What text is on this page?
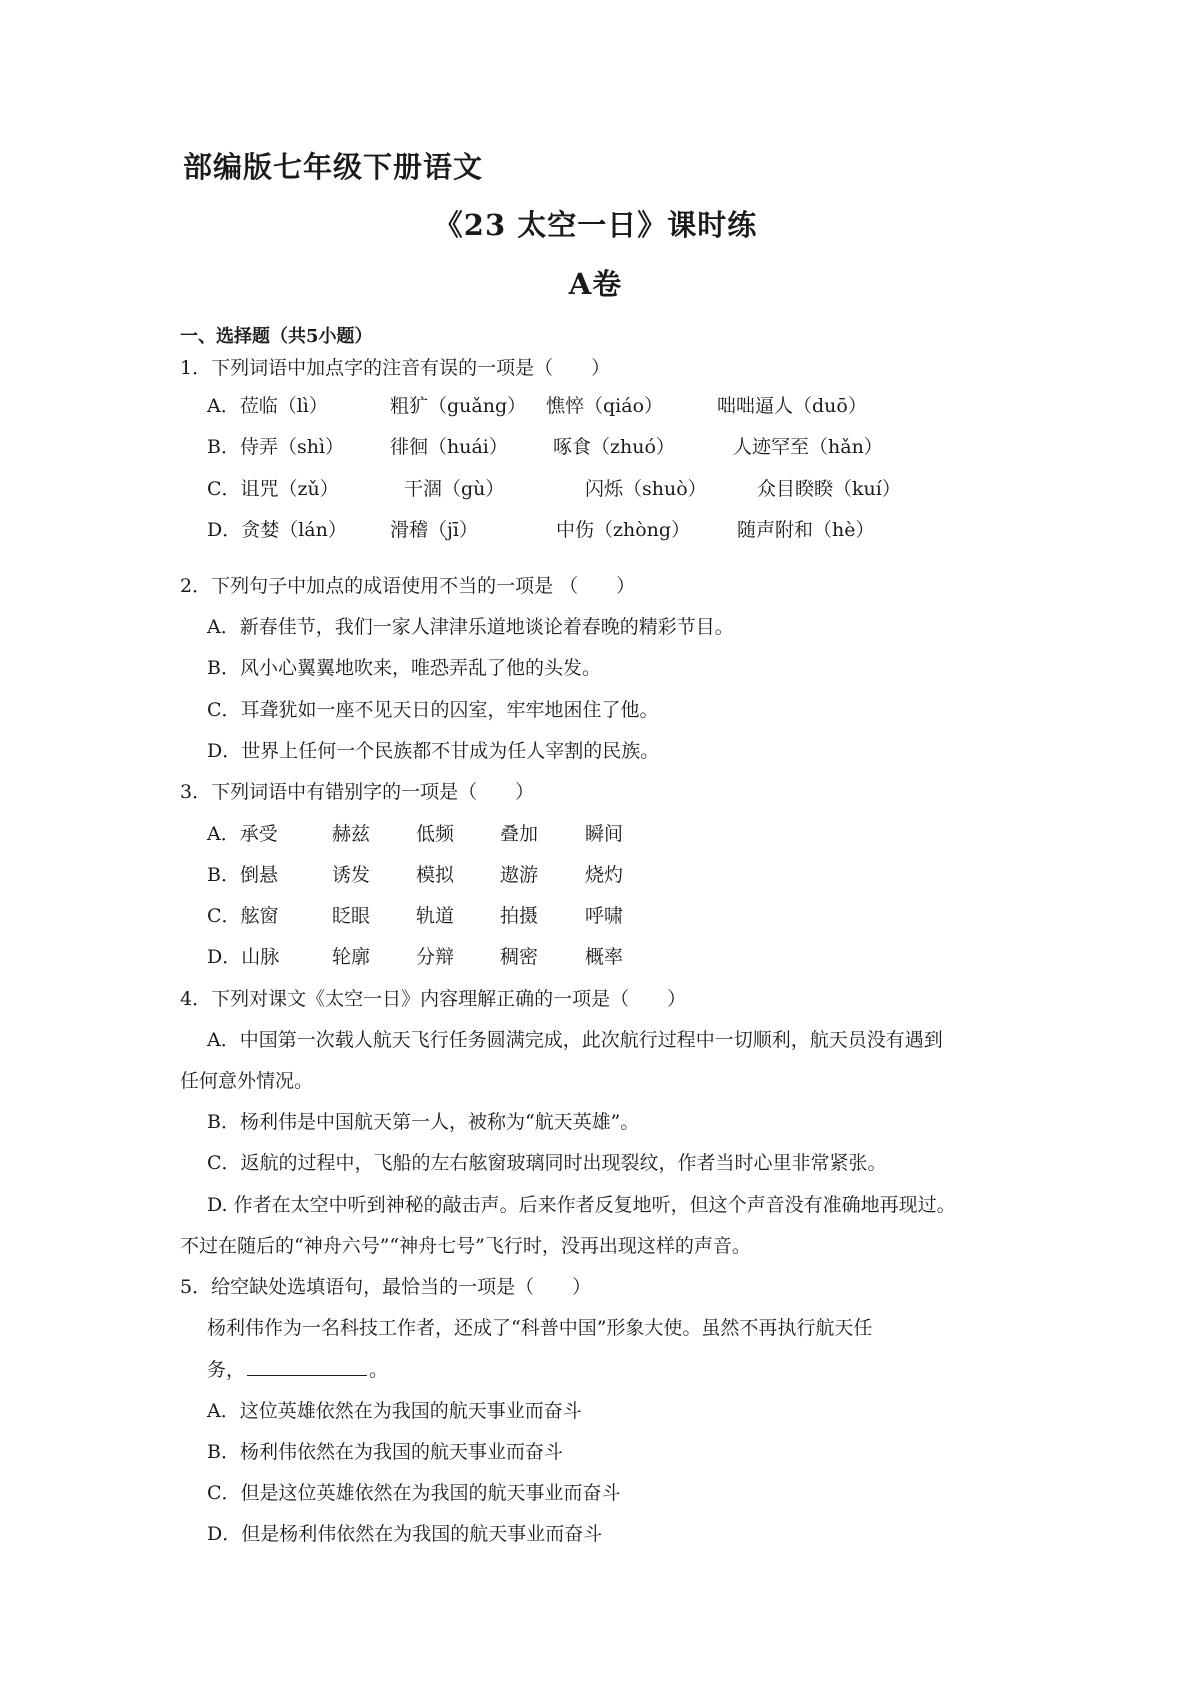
部编版七年级下册语文
《23 太空一日》课时练
A卷
一、选择题（共5小题）
1．下列词语中加点字的注音有误的一项是（　　）
A．莅临（lì）	粗犷（guǎng） 憔悴（qiáo）	咄咄逼人（duō）
B．侍弄（shì） 徘徊（huái） 啄食（zhuó）	人迹罕至（hǎn）
C．诅咒（zǔ）	干涸（gù）	闪烁（shuò）	众目睽睽（kuí）
D．贪婪（lán） 滑稽（jī）	中伤（zhòng） 随声附和（hè）
2．下列句子中加点的成语使用不当的一项是 （　　）
A．新春佳节，我们一家人津津乐道地谈论着春晚的精彩节目。
B．风小心翼翼地吹来，唯恐弄乱了他的头发。
C．耳聋犹如一座不见天日的囚室，牢牢地困住了他。
D．世界上任何一个民族都不甘成为任人宰割的民族。
3．下列词语中有错别字的一项是（　　）
A．承受	赫兹 低频 叠加 瞬间
B．倒悬	诱发 模拟 遨游 烧灼
C．舷窗	眨眼 轨道 拍摄 呼啸
D．山脉	轮廓 分辩 稠密 概率
4．下列对课文《太空一日》内容理解正确的一项是（　　）
A．中国第一次载人航天飞行任务圆满完成，此次航行过程中一切顺利，航天员没有遇到
任何意外情况。
B．杨利伟是中国航天第一人，被称为“航天英雄”。
C．返航的过程中，飞船的左右舷窗玻璃同时出现裂纹，作者当时心里非常紧张。
D. 作者在太空中听到神秘的敲击声。后来作者反复地听，但这个声音没有准确地再现过。
不过在随后的“神舟六号”“神舟七号”飞行时，没再出现这样的声音。
5．给空缺处选填语句，最恰当的一项是（　　）
杨利伟作为一名科技工作者，还成了“科普中国”形象大使。虽然不再执行航天任
务，	。
A．这位英雄依然在为我国的航天事业而奋斗
B．杨利伟依然在为我国的航天事业而奋斗
C．但是这位英雄依然在为我国的航天事业而奋斗
D．但是杨利伟依然在为我国的航天事业而奋斗
